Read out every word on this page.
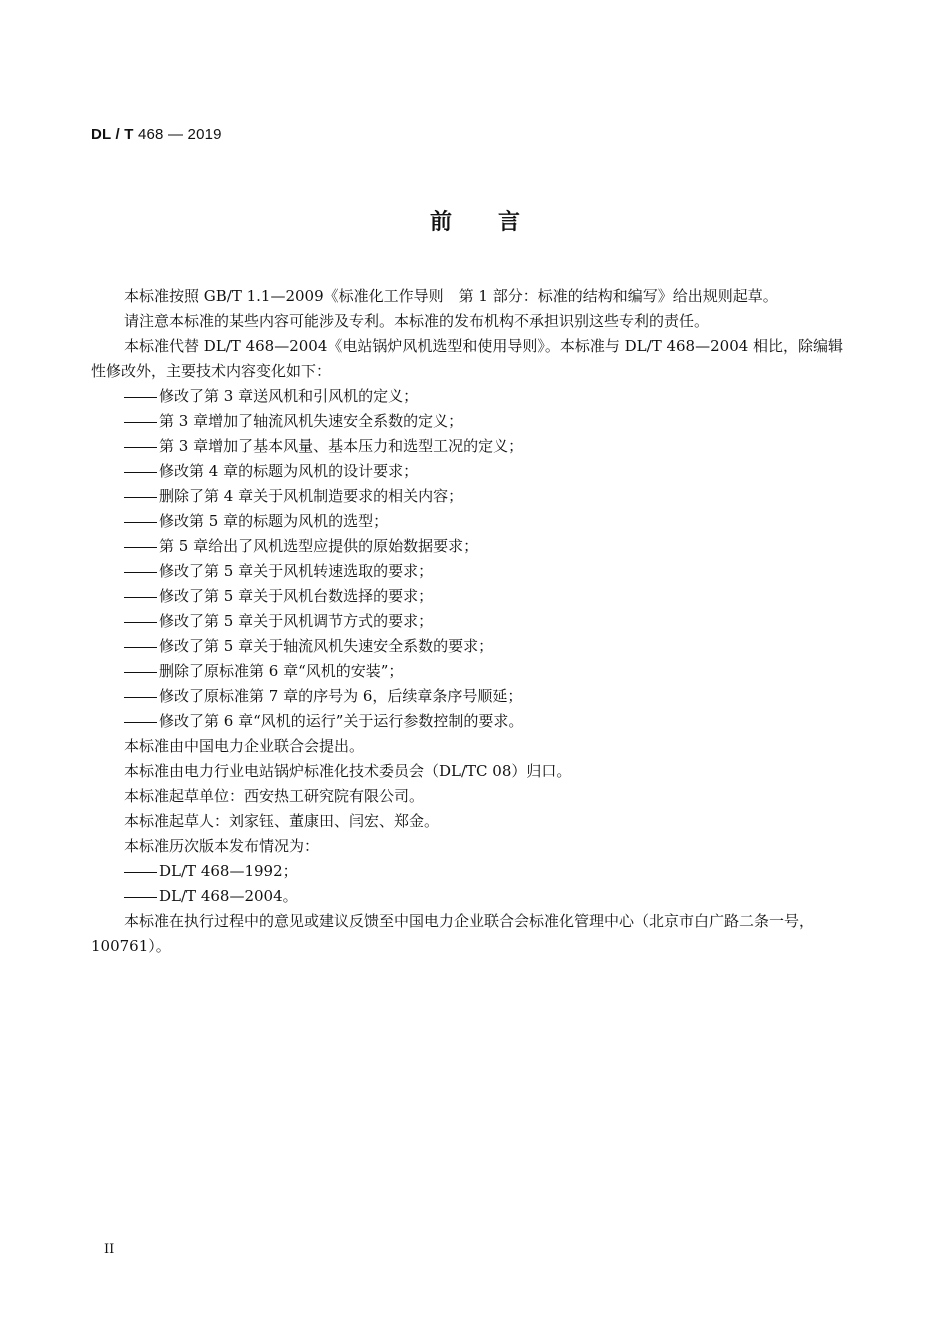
DL / T 468 — 2019
前言

本标准按照 GB/T 1.1—2009《标准化工作导则　第 1 部分：标准的结构和编写》给出规则起草。

请注意本标准的某些内容可能涉及专利。本标准的发布机构不承担识别这些专利的责任。

本标准代替 DL/T 468—2004《电站锅炉风机选型和使用导则》。本标准与 DL/T 468—2004 相比，除编辑性修改外，主要技术内容变化如下：

修改了第 3 章送风机和引风机的定义；

第 3 章增加了轴流风机失速安全系数的定义；

第 3 章增加了基本风量、基本压力和选型工况的定义；

修改第 4 章的标题为风机的设计要求；

删除了第 4 章关于风机制造要求的相关内容；

修改第 5 章的标题为风机的选型；

第 5 章给出了风机选型应提供的原始数据要求；

修改了第 5 章关于风机转速选取的要求；

修改了第 5 章关于风机台数选择的要求；

修改了第 5 章关于风机调节方式的要求；

修改了第 5 章关于轴流风机失速安全系数的要求；

删除了原标准第 6 章“风机的安装”；

修改了原标准第 7 章的序号为 6，后续章条序号顺延；

修改了第 6 章“风机的运行”关于运行参数控制的要求。

本标准由中国电力企业联合会提出。

本标准由电力行业电站锅炉标准化技术委员会（DL/TC 08）归口。

本标准起草单位：西安热工研究院有限公司。

本标准起草人：刘家钰、董康田、闫宏、郑金。

本标准历次版本发布情况为：

DL/T 468—1992；

DL/T 468—2004。

本标准在执行过程中的意见或建议反馈至中国电力企业联合会标准化管理中心（北京市白广路二条一号，100761）。

II
